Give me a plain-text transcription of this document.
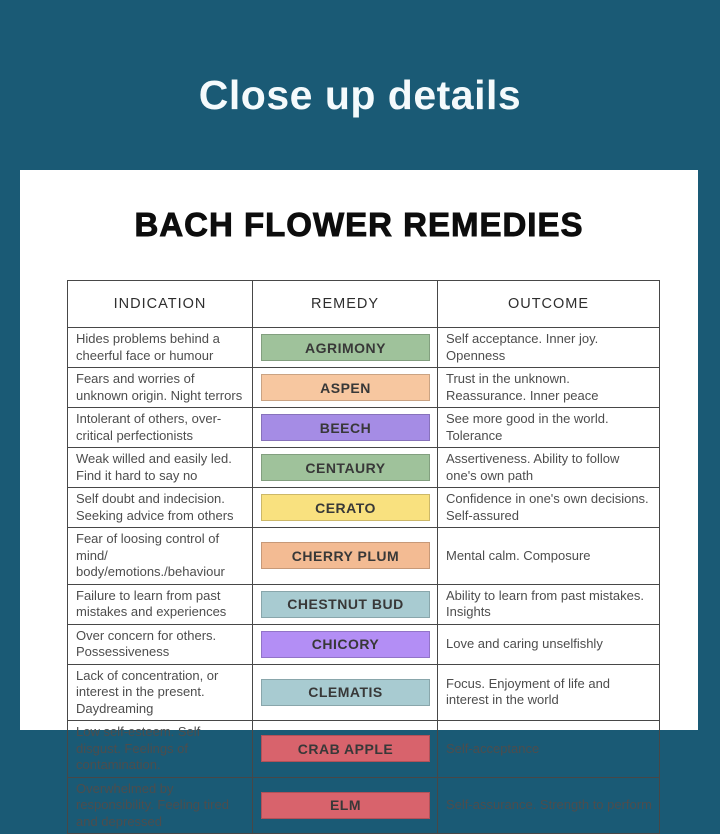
Close up details
BACH FLOWER REMEDIES
INDICATION	REMEDY	OUTCOME
Hides problems behind a cheerful face or humour	AGRIMONY	Self acceptance. Inner joy. Openness
Fears and worries of unknown origin. Night terrors	ASPEN	Trust in the unknown. Reassurance. Inner peace
Intolerant of others, over-critical perfectionists	BEECH	See more good in the world. Tolerance
Weak willed and easily led. Find it hard to say no	CENTAURY	Assertiveness. Ability to follow one's own path
Self doubt and indecision. Seeking advice from others	CERATO	Confidence in one's own decisions. Self-assured
Fear of loosing control of mind/ body/emotions./behaviour	CHERRY PLUM	Mental calm. Composure
Failure to learn from past mistakes and experiences	CHESTNUT BUD	Ability to learn from past mistakes. Insights
Over concern for others. Possessiveness	CHICORY	Love and caring unselfishly
Lack of concentration, or interest in the present. Daydreaming	CLEMATIS	Focus. Enjoyment of life and interest in the world
Low self-esteem. Self disgust. Feelings of contamination.	CRAB APPLE	Self-acceptance
Overwhelmed by responsibility. Feeling tired and depressed	ELM	Self-assurance. Strength to perform
